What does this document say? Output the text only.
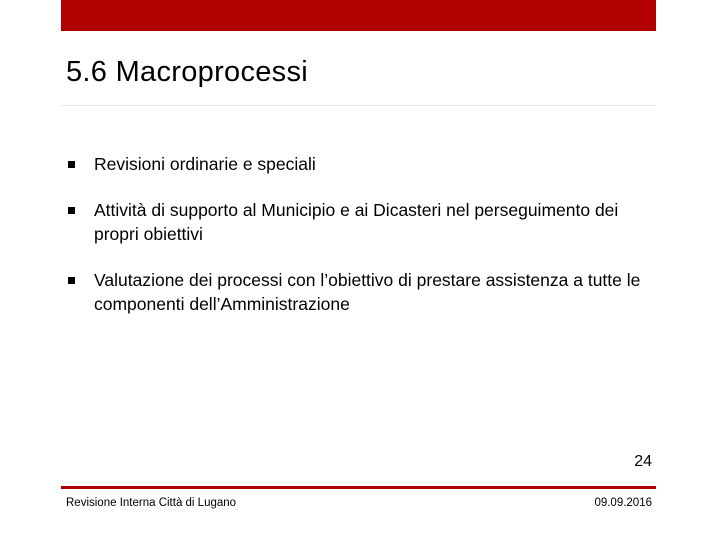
5.6 Macroprocessi
Revisioni ordinarie e speciali
Attività di supporto al Municipio e ai Dicasteri nel perseguimento dei propri obiettivi
Valutazione dei processi con l’obiettivo di prestare assistenza a tutte le componenti dell’Amministrazione
24
Revisione Interna Città di Lugano	09.09.2016
